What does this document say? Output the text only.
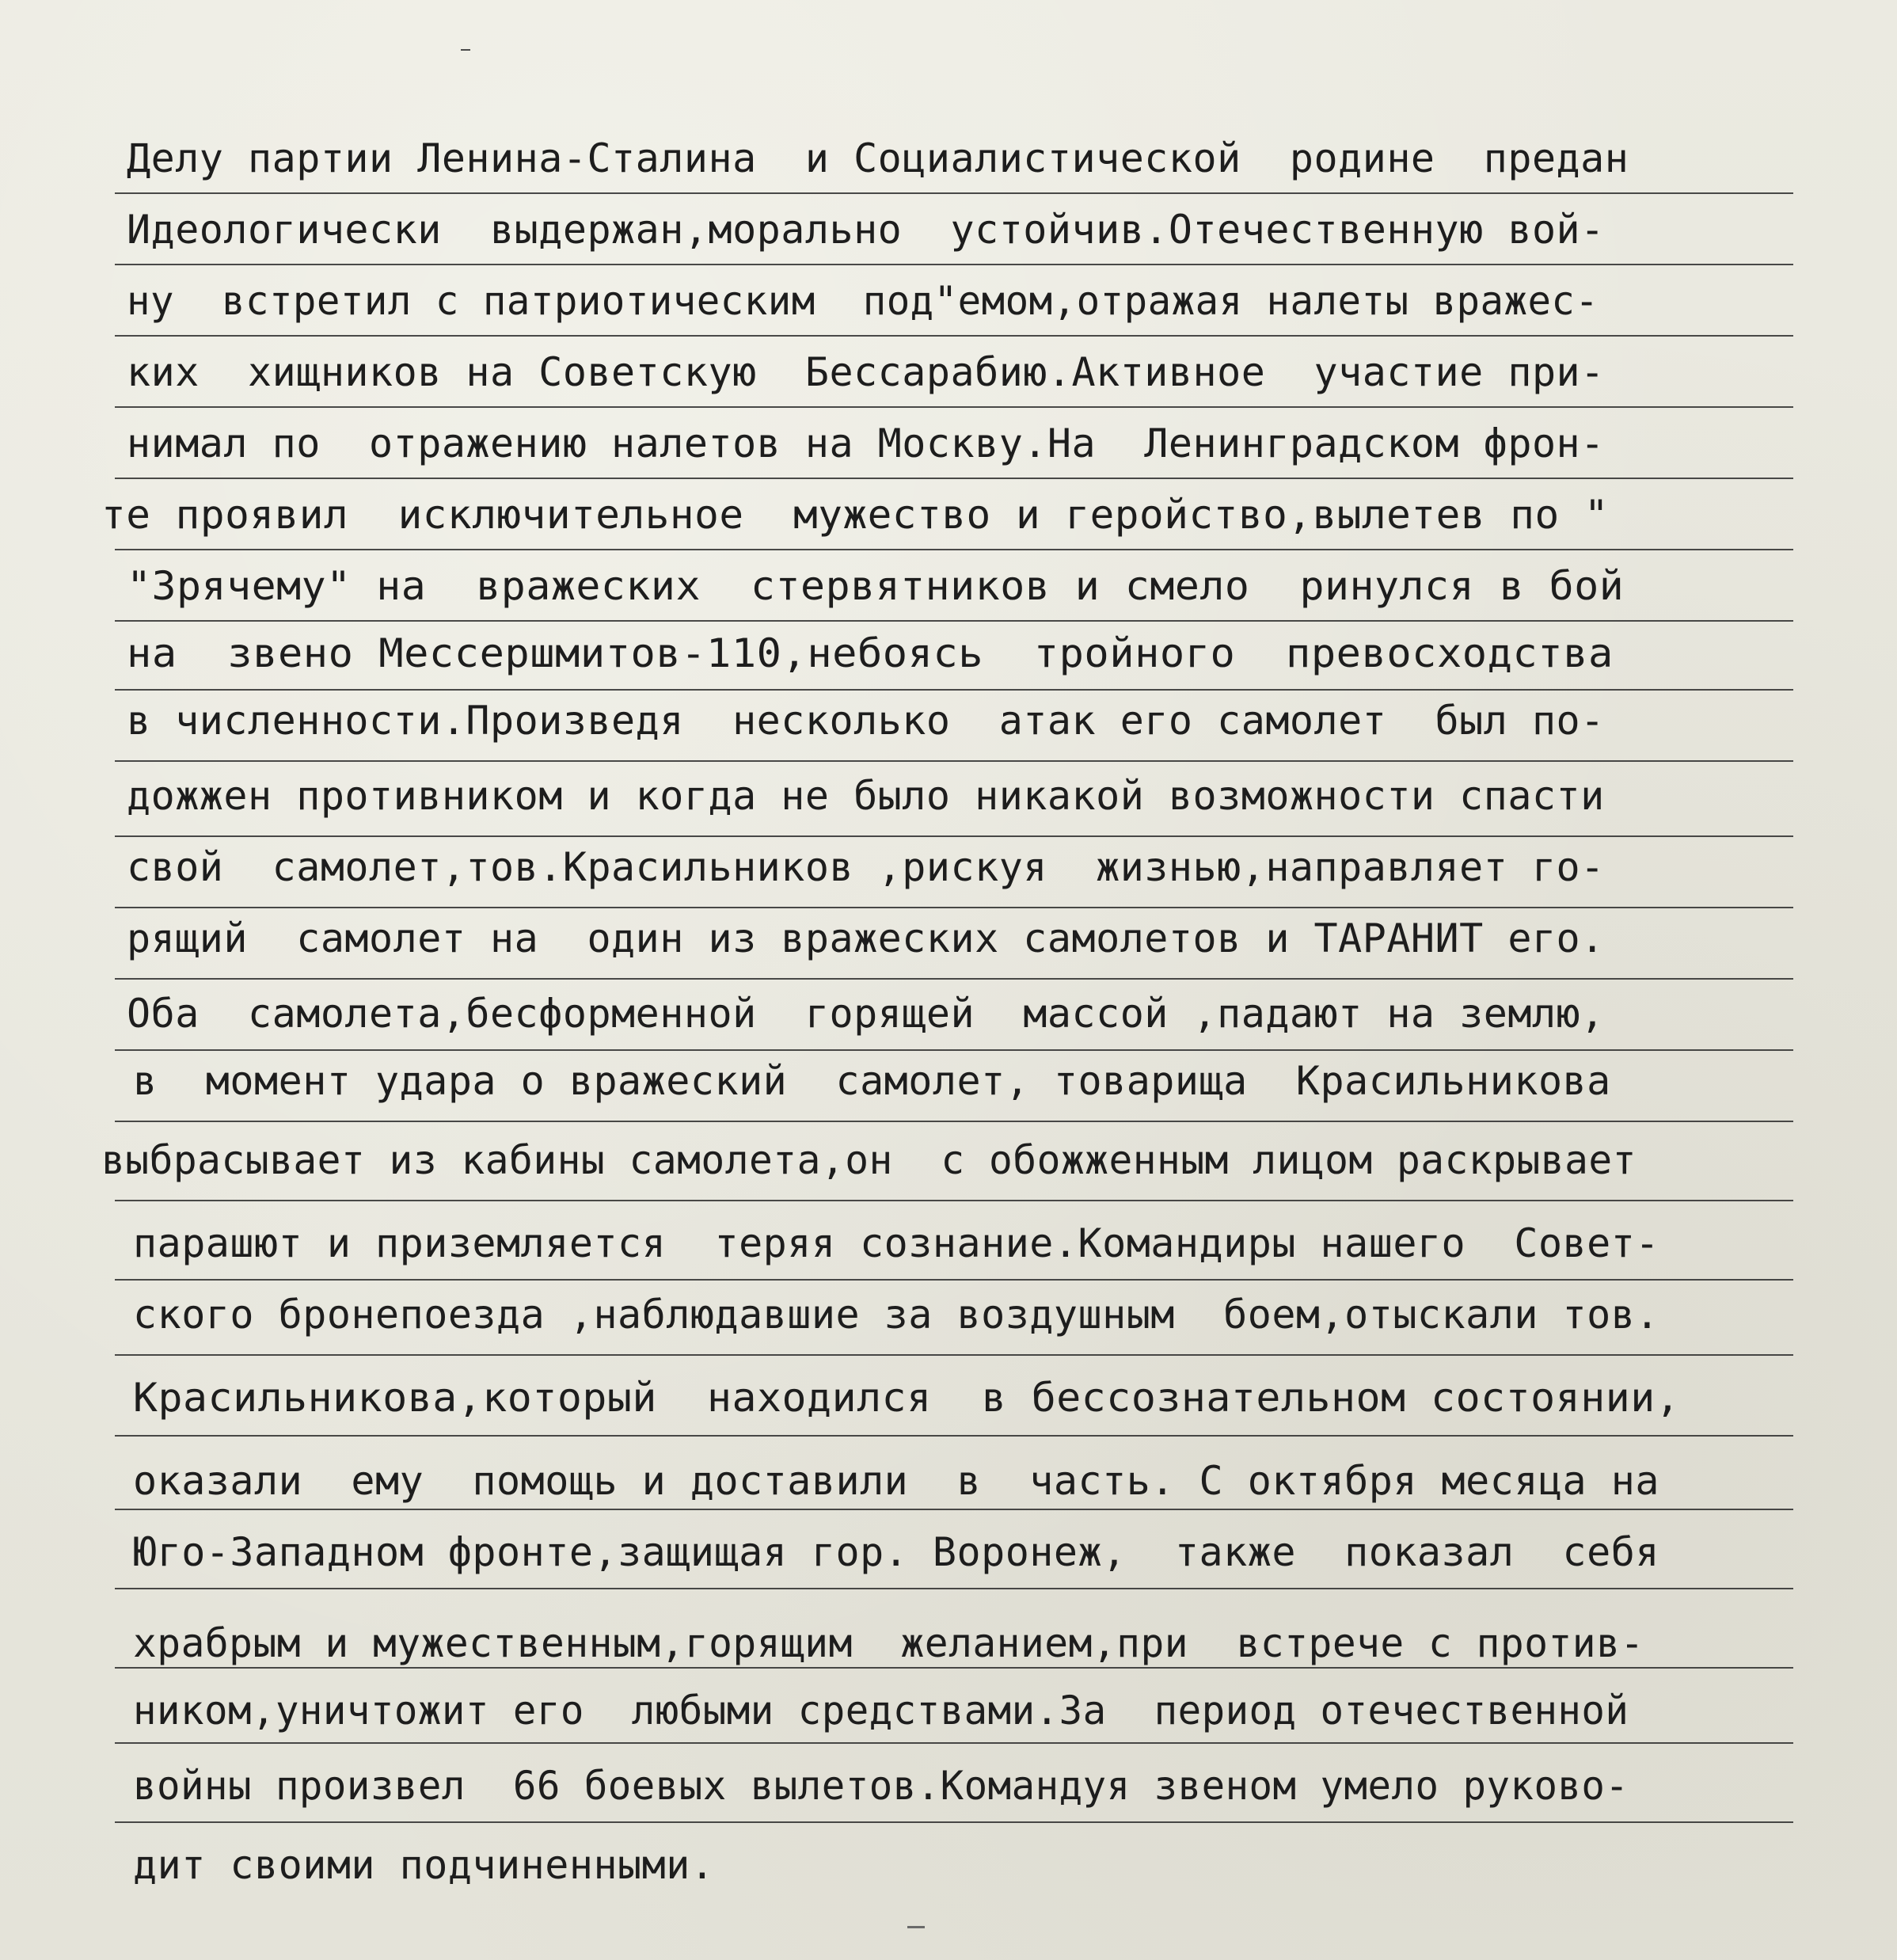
Делу партии Ленина-Сталина  и Социалистической  родине  предан
Идеологически  выдержан,морально  устойчив.Отечественную вой-
ну  встретил с патриотическим  под"емом,отражая налеты вражес-
ких  хищников на Советскую  Бессарабию.Активное  участие при-
нимал по  отражению налетов на Москву.На  Ленинградском фрон-
те проявил  исключительное  мужество и геройство,вылетев по "
"Зрячему" на  вражеских  стервятников и смело  ринулся в бой
на  звено Мессершмитов-110,небоясь  тройного  превосходства
в численности.Произведя  несколько  атак его самолет  был по-
дожжен противником и когда не было никакой возможности спасти
свой  самолет,тов.Красильников ,рискуя  жизнью,направляет го-
рящий  самолет на  один из вражеских самолетов и ТАРАНИТ его.
Оба  самолета,бесформенной  горящей  массой ,падают на землю,
в  момент удара о вражеский  самолет, товарища  Красильникова
выбрасывает из кабины самолета,он  с обожженным лицом раскрывает
парашют и приземляется  теряя сознание.Командиры нашего  Совет-
ского бронепоезда ,наблюдавшие за воздушным  боем,отыскали тов.
Красильникова,который  находился  в бессознательном состоянии,
оказали  ему  помощь и доставили  в  часть. С октября месяца на
Юго-Западном фронте,защищая гор. Воронеж,  также  показал  себя
храбрым и мужественным,горящим  желанием,при  встрече с против-
ником,уничтожит его  любыми средствами.За  период отечественной
войны произвел  66 боевых вылетов.Командуя звеном умело руково-
дит своими подчиненными.
